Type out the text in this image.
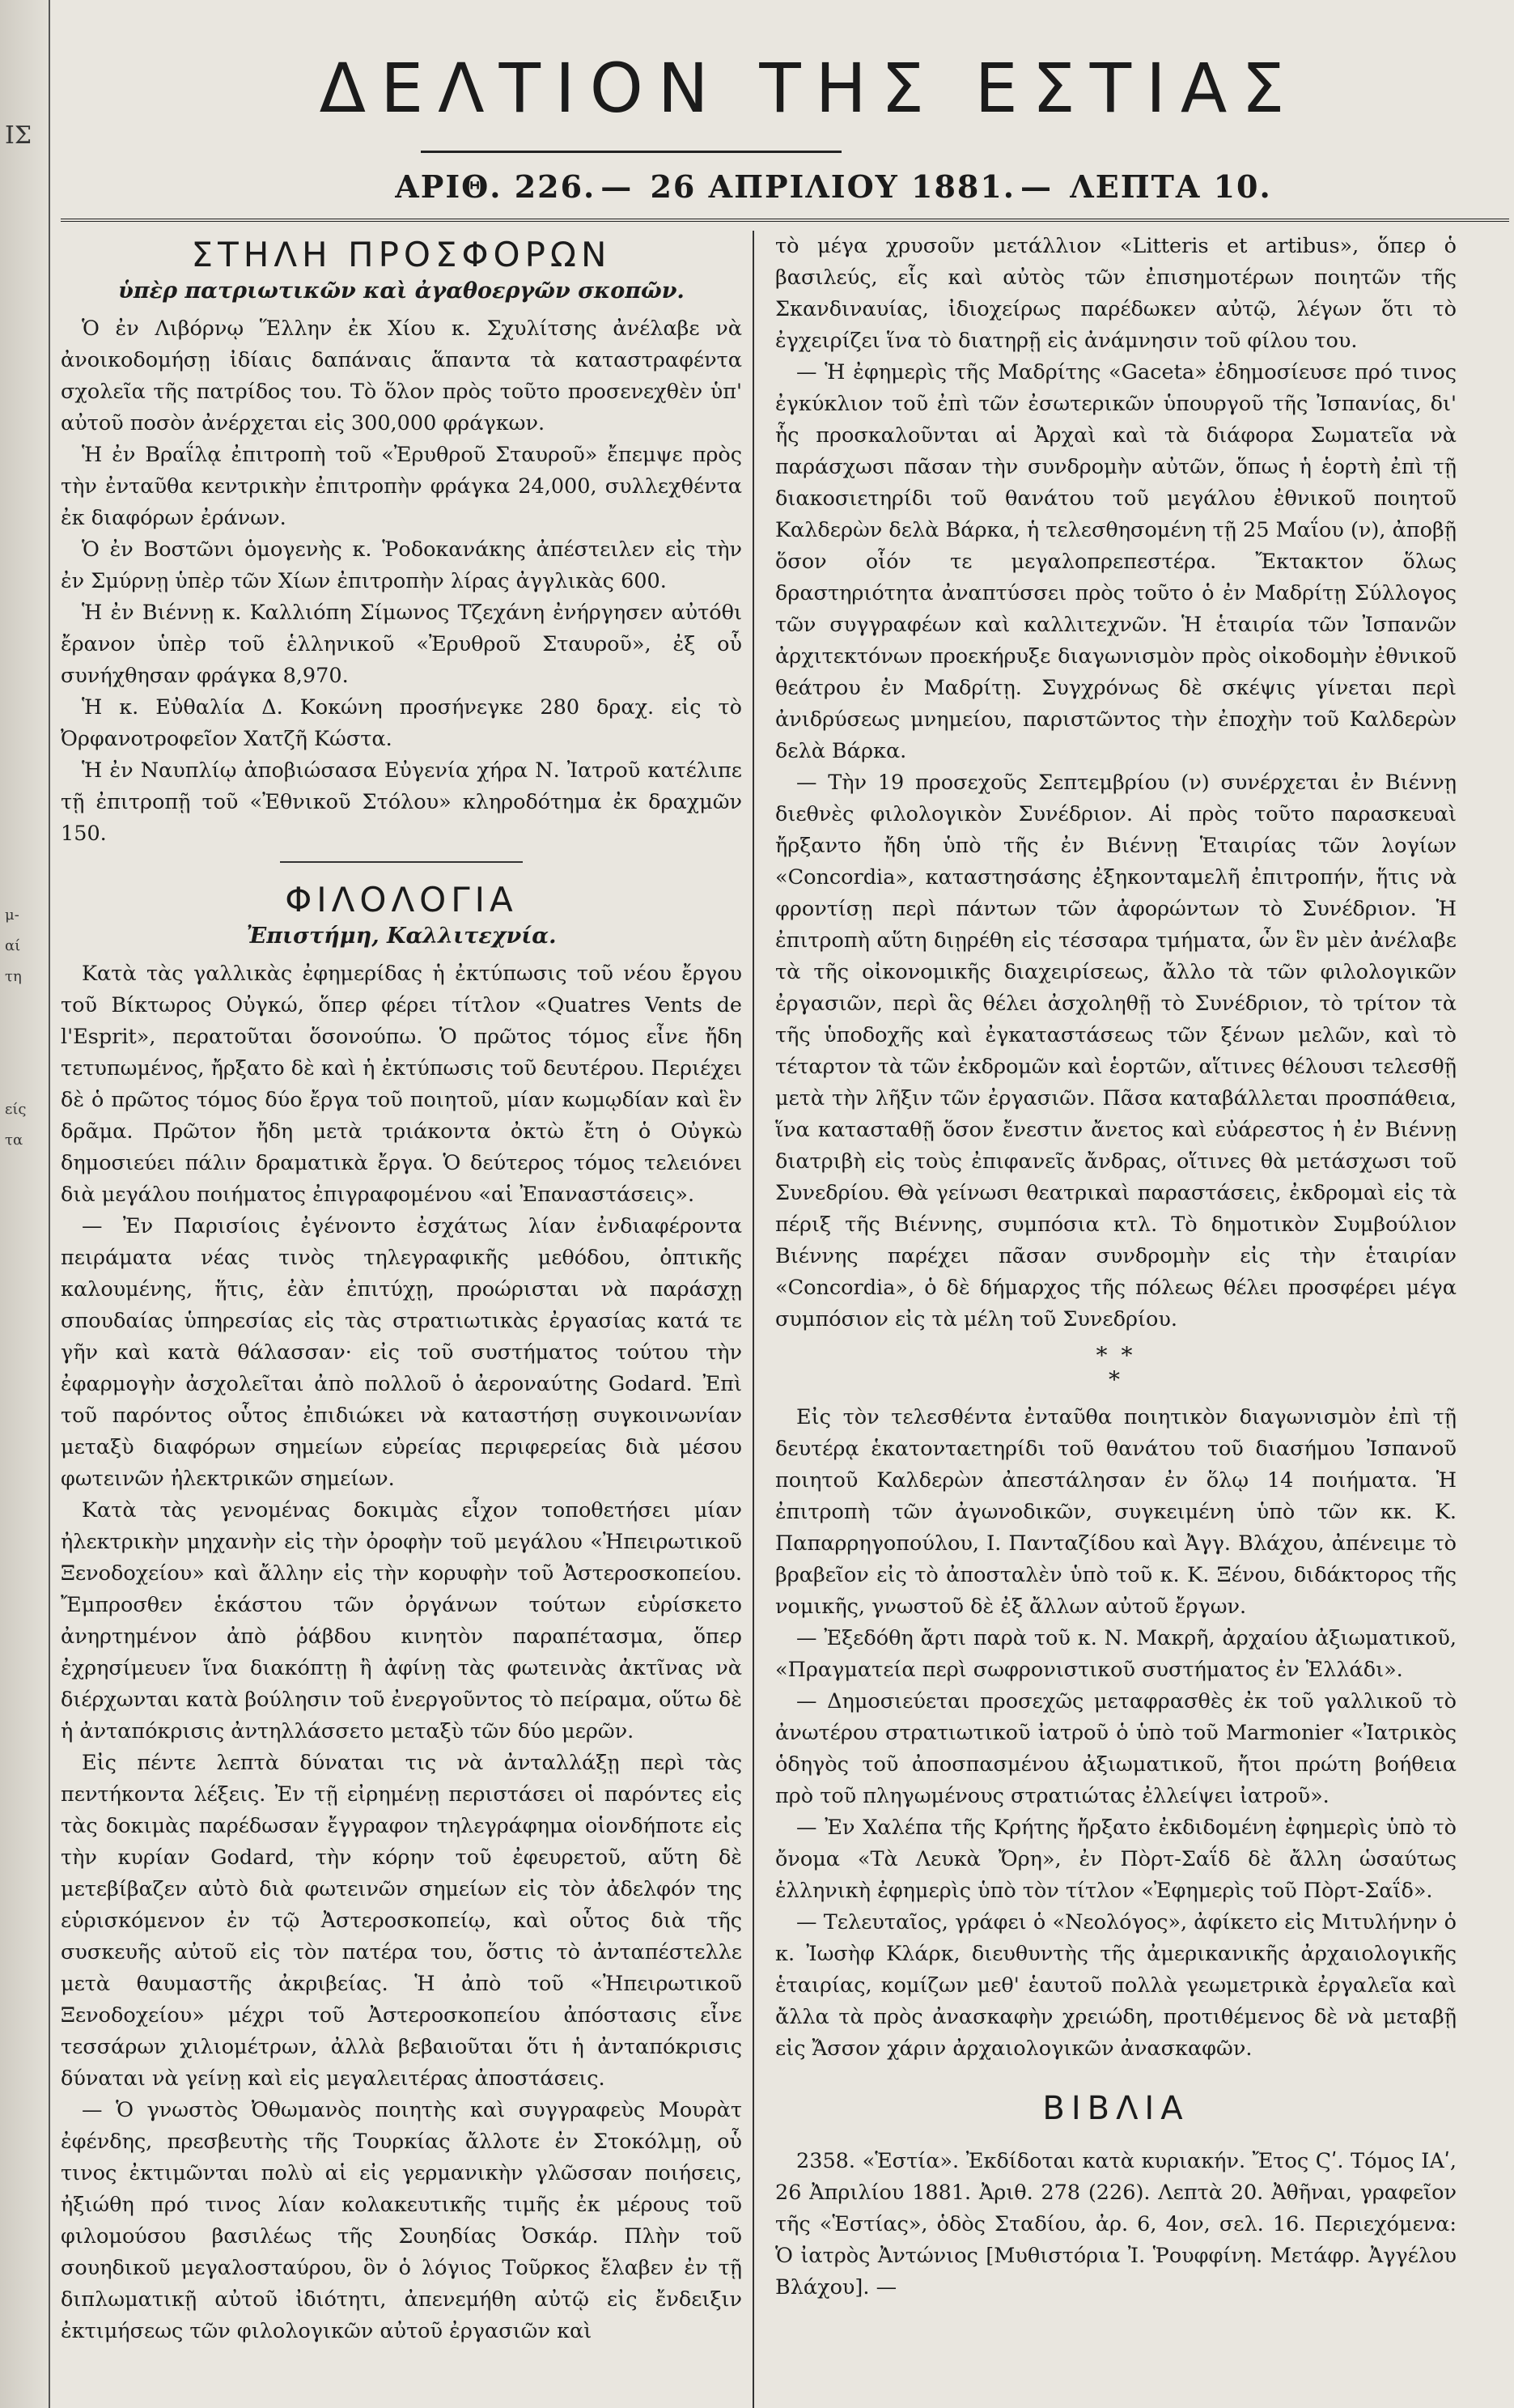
ΙΣ
μ-
αί
τη
είς
τα
ΔΕΛΤΙΟΝ ΤΗΣ ΕΣΤΙΑΣ
ΑΡΙΘ. 226. — 26 ΑΠΡΙΛΙΟΥ 1881. — ΛΕΠΤΑ 10.
ΣΤΗΛΗ ΠΡΟΣΦΟΡΩΝ
ὑπὲρ πατριωτικῶν καὶ ἀγαθοεργῶν σκοπῶν.

Ὁ ἐν Λιβόρνῳ Ἕλλην ἐκ Χίου κ. Σχυλίτσης ἀνέλαβε νὰ ἀνοικοδομήσῃ ἰδίαις δαπάναις ἅπαντα τὰ καταστραφέντα σχολεῖα τῆς πατρίδος του. Τὸ ὅλον πρὸς τοῦτο προσενεχθὲν ὑπ' αὐτοῦ ποσὸν ἀνέρχεται εἰς 300,000 φράγκων.

Ἡ ἐν Βραΐλᾳ ἐπιτροπὴ τοῦ «Ἐρυθροῦ Σταυροῦ» ἔπεμψε πρὸς τὴν ἐνταῦθα κεντρικὴν ἐπιτροπὴν φράγκα 24,000, συλλεχθέντα ἐκ διαφόρων ἐράνων.

Ὁ ἐν Βοστῶνι ὁμογενὴς κ. Ῥοδοκανάκης ἀπέστειλεν εἰς τὴν ἐν Σμύρνῃ ὑπὲρ τῶν Χίων ἐπιτροπὴν λίρας ἀγγλικὰς 600.

Ἡ ἐν Βιέννῃ κ. Καλλιόπη Σίμωνος Τζεχάνη ἐνήργησεν αὐτόθι ἔρανον ὑπὲρ τοῦ ἑλληνικοῦ «Ἐρυθροῦ Σταυροῦ», ἐξ οὗ συνήχθησαν φράγκα 8,970.

Ἡ κ. Εὐθαλία Δ. Κοκώνη προσήνεγκε 280 δραχ. εἰς τὸ Ὀρφανοτροφεῖον Χατζῆ Κώστα.

Ἡ ἐν Ναυπλίῳ ἀποβιώσασα Εὐγενία χήρα Ν. Ἰατροῦ κατέλιπε τῇ ἐπιτροπῇ τοῦ «Ἐθνικοῦ Στόλου» κληροδότημα ἐκ δραχμῶν 150.

ΦΙΛΟΛΟΓΙΑ
Ἐπιστήμη, Καλλιτεχνία.

Κατὰ τὰς γαλλικὰς ἐφημερίδας ἡ ἐκτύπωσις τοῦ νέου ἔργου τοῦ Βίκτωρος Οὐγκώ, ὅπερ φέρει τίτλον «Quatres Vents de l'Esprit», περατοῦται ὅσονούπω. Ὁ πρῶτος τόμος εἶνε ἤδη τετυπωμένος, ἤρξατο δὲ καὶ ἡ ἐκτύπωσις τοῦ δευτέρου. Περιέχει δὲ ὁ πρῶτος τόμος δύο ἔργα τοῦ ποιητοῦ, μίαν κωμῳδίαν καὶ ἓν δρᾶμα. Πρῶτον ἤδη μετὰ τριάκοντα ὀκτὼ ἔτη ὁ Οὐγκὼ δημοσιεύει πάλιν δραματικὰ ἔργα. Ὁ δεύτερος τόμος τελειόνει διὰ μεγάλου ποιήματος ἐπιγραφομένου «αἱ Ἐπαναστάσεις».

— Ἐν Παρισίοις ἐγένοντο ἐσχάτως λίαν ἐνδιαφέροντα πειράματα νέας τινὸς τηλεγραφικῆς μεθόδου, ὀπτικῆς καλουμένης, ἥτις, ἐὰν ἐπιτύχῃ, προώρισται νὰ παράσχῃ σπουδαίας ὑπηρεσίας εἰς τὰς στρατιωτικὰς ἐργασίας κατά τε γῆν καὶ κατὰ θάλασσαν· εἰς τοῦ συστήματος τούτου τὴν ἐφαρμογὴν ἀσχολεῖται ἀπὸ πολλοῦ ὁ ἀεροναύτης Godard. Ἐπὶ τοῦ παρόντος οὗτος ἐπιδιώκει νὰ καταστήσῃ συγκοινωνίαν μεταξὺ διαφόρων σημείων εὐρείας περιφερείας διὰ μέσου φωτεινῶν ἠλεκτρικῶν σημείων.

Κατὰ τὰς γενομένας δοκιμὰς εἶχον τοποθετήσει μίαν ἠλεκτρικὴν μηχανὴν εἰς τὴν ὀροφὴν τοῦ μεγάλου «Ἠπειρωτικοῦ Ξενοδοχείου» καὶ ἄλλην εἰς τὴν κορυφὴν τοῦ Ἀστεροσκοπείου. Ἔμπροσθεν ἑκάστου τῶν ὀργάνων τούτων εὑρίσκετο ἀνηρτημένον ἀπὸ ῥάβδου κινητὸν παραπέτασμα, ὅπερ ἐχρησίμευεν ἵνα διακόπτῃ ἢ ἀφίνῃ τὰς φωτεινὰς ἀκτῖνας νὰ διέρχωνται κατὰ βούλησιν τοῦ ἐνεργοῦντος τὸ πείραμα, οὕτω δὲ ἡ ἀνταπόκρισις ἀντηλλάσσετο μεταξὺ τῶν δύο μερῶν.

Εἰς πέντε λεπτὰ δύναται τις νὰ ἀνταλλάξῃ περὶ τὰς πεντήκοντα λέξεις. Ἐν τῇ εἰρημένῃ περιστάσει οἱ παρόντες εἰς τὰς δοκιμὰς παρέδωσαν ἔγγραφον τηλεγράφημα οἱονδήποτε εἰς τὴν κυρίαν Godard, τὴν κόρην τοῦ ἐφευρετοῦ, αὕτη δὲ μετεβίβαζεν αὐτὸ διὰ φωτεινῶν σημείων εἰς τὸν ἀδελφόν της εὑρισκόμενον ἐν τῷ Ἀστεροσκοπείῳ, καὶ οὗτος διὰ τῆς συσκευῆς αὐτοῦ εἰς τὸν πατέρα του, ὅστις τὸ ἀνταπέστελλε μετὰ θαυμαστῆς ἀκριβείας. Ἡ ἀπὸ τοῦ «Ἠπειρωτικοῦ Ξενοδοχείου» μέχρι τοῦ Ἀστεροσκοπείου ἀπόστασις εἶνε τεσσάρων χιλιομέτρων, ἀλλὰ βεβαιοῦται ὅτι ἡ ἀνταπόκρισις δύναται νὰ γείνῃ καὶ εἰς μεγαλειτέρας ἀποστάσεις.

— Ὁ γνωστὸς Ὀθωμανὸς ποιητὴς καὶ συγγραφεὺς Μουρὰτ ἐφένδης, πρεσβευτὴς τῆς Τουρκίας ἄλλοτε ἐν Στοκόλμῃ, οὗ τινος ἐκτιμῶνται πολὺ αἱ εἰς γερμανικὴν γλῶσσαν ποιήσεις, ἠξιώθη πρό τινος λίαν κολακευτικῆς τιμῆς ἐκ μέρους τοῦ φιλομούσου βασιλέως τῆς Σουηδίας Ὀσκάρ. Πλὴν τοῦ σουηδικοῦ μεγαλοσταύρου, ὃν ὁ λόγιος Τοῦρκος ἔλαβεν ἐν τῇ διπλωματικῇ αὐτοῦ ἰδιότητι, ἀπενεμήθη αὐτῷ εἰς ἔνδειξιν ἐκτιμήσεως τῶν φιλολογικῶν αὐτοῦ ἐργασιῶν καὶ

τὸ μέγα χρυσοῦν μετάλλιον «Litteris et artibus», ὅπερ ὁ βασιλεύς, εἷς καὶ αὐτὸς τῶν ἐπισημοτέρων ποιητῶν τῆς Σκανδιναυίας, ἰδιοχείρως παρέδωκεν αὐτῷ, λέγων ὅτι τὸ ἐγχειρίζει ἵνα τὸ διατηρῇ εἰς ἀνάμνησιν τοῦ φίλου του.

— Ἡ ἐφημερὶς τῆς Μαδρίτης «Gaceta» ἐδημοσίευσε πρό τινος ἐγκύκλιον τοῦ ἐπὶ τῶν ἐσωτερικῶν ὑπουργοῦ τῆς Ἰσπανίας, δι' ἧς προσκαλοῦνται αἱ Ἀρχαὶ καὶ τὰ διάφορα Σωματεῖα νὰ παράσχωσι πᾶσαν τὴν συνδρομὴν αὐτῶν, ὅπως ἡ ἑορτὴ ἐπὶ τῇ διακοσιετηρίδι τοῦ θανάτου τοῦ μεγάλου ἐθνικοῦ ποιητοῦ Καλδερὼν δελὰ Βάρκα, ἡ τελεσθησομένη τῇ 25 Μαΐου (ν), ἀποβῇ ὅσον οἷόν τε μεγαλοπρεπεστέρα. Ἔκτακτον ὅλως δραστηριότητα ἀναπτύσσει πρὸς τοῦτο ὁ ἐν Μαδρίτῃ Σύλλογος τῶν συγγραφέων καὶ καλλιτεχνῶν. Ἡ ἑταιρία τῶν Ἰσπανῶν ἀρχιτεκτόνων προεκήρυξε διαγωνισμὸν πρὸς οἰκοδομὴν ἐθνικοῦ θεάτρου ἐν Μαδρίτῃ. Συγχρόνως δὲ σκέψις γίνεται περὶ ἀνιδρύσεως μνημείου, παριστῶντος τὴν ἐποχὴν τοῦ Καλδερὼν δελὰ Βάρκα.

— Τὴν 19 προσεχοῦς Σεπτεμβρίου (ν) συνέρχεται ἐν Βιέννῃ διεθνὲς φιλολογικὸν Συνέδριον. Αἱ πρὸς τοῦτο παρασκευαὶ ἤρξαντο ἤδη ὑπὸ τῆς ἐν Βιέννῃ Ἑταιρίας τῶν λογίων «Concordia», καταστησάσης ἐξηκονταμελῆ ἐπιτροπήν, ἥτις νὰ φροντίσῃ περὶ πάντων τῶν ἀφορώντων τὸ Συνέδριον. Ἡ ἐπιτροπὴ αὕτη διῃρέθη εἰς τέσσαρα τμήματα, ὧν ἓν μὲν ἀνέλαβε τὰ τῆς οἰκονομικῆς διαχειρίσεως, ἄλλο τὰ τῶν φιλολογικῶν ἐργασιῶν, περὶ ἃς θέλει ἀσχοληθῇ τὸ Συνέδριον, τὸ τρίτον τὰ τῆς ὑποδοχῆς καὶ ἐγκαταστάσεως τῶν ξένων μελῶν, καὶ τὸ τέταρτον τὰ τῶν ἐκδρομῶν καὶ ἑορτῶν, αἵτινες θέλουσι τελεσθῇ μετὰ τὴν λῆξιν τῶν ἐργασιῶν. Πᾶσα καταβάλλεται προσπάθεια, ἵνα κατασταθῇ ὅσον ἔνεστιν ἄνετος καὶ εὐάρεστος ἡ ἐν Βιέννῃ διατριβὴ εἰς τοὺς ἐπιφανεῖς ἄνδρας, οἵτινες θὰ μετάσχωσι τοῦ Συνεδρίου. Θὰ γείνωσι θεατρικαὶ παραστάσεις, ἐκδρομαὶ εἰς τὰ πέριξ τῆς Βιέννης, συμπόσια κτλ. Τὸ δημοτικὸν Συμβούλιον Βιέννης παρέχει πᾶσαν συνδρομὴν εἰς τὴν ἑταιρίαν «Concordia», ὁ δὲ δήμαρχος τῆς πόλεως θέλει προσφέρει μέγα συμπόσιον εἰς τὰ μέλη τοῦ Συνεδρίου.

* *
*

Εἰς τὸν τελεσθέντα ἐνταῦθα ποιητικὸν διαγωνισμὸν ἐπὶ τῇ δευτέρᾳ ἑκατονταετηρίδι τοῦ θανάτου τοῦ διασήμου Ἰσπανοῦ ποιητοῦ Καλδερὼν ἀπεστάλησαν ἐν ὅλῳ 14 ποιήματα. Ἡ ἐπιτροπὴ τῶν ἀγωνοδικῶν, συγκειμένη ὑπὸ τῶν κκ. Κ. Παπαρρηγοπούλου, Ι. Πανταζίδου καὶ Ἀγγ. Βλάχου, ἀπένειμε τὸ βραβεῖον εἰς τὸ ἀποσταλὲν ὑπὸ τοῦ κ. Κ. Ξένου, διδάκτορος τῆς νομικῆς, γνωστοῦ δὲ ἐξ ἄλλων αὐτοῦ ἔργων.

— Ἐξεδόθη ἄρτι παρὰ τοῦ κ. Ν. Μακρῆ, ἀρχαίου ἀξιωματικοῦ, «Πραγματεία περὶ σωφρονιστικοῦ συστήματος ἐν Ἑλλάδι».

— Δημοσιεύεται προσεχῶς μεταφρασθὲς ἐκ τοῦ γαλλικοῦ τὸ ἀνωτέρου στρατιωτικοῦ ἰατροῦ ὁ ὑπὸ τοῦ Marmonier «Ἰατρικὸς ὁδηγὸς τοῦ ἀποσπασμένου ἀξιωματικοῦ, ἤτοι πρώτη βοήθεια πρὸ τοῦ πληγωμένους στρατιώτας ἐλλείψει ἰατροῦ».

— Ἐν Χαλέπα τῆς Κρήτης ἤρξατο ἐκδιδομένη ἐφημερὶς ὑπὸ τὸ ὄνομα «Τὰ Λευκὰ Ὄρη», ἐν Πὸρτ-Σαΐδ δὲ ἄλλη ὡσαύτως ἑλληνικὴ ἐφημερὶς ὑπὸ τὸν τίτλον «Ἐφημερὶς τοῦ Πὸρτ-Σαΐδ».

— Τελευταῖος, γράφει ὁ «Νεολόγος», ἀφίκετο εἰς Μιτυλήνην ὁ κ. Ἰωσὴφ Κλάρκ, διευθυντὴς τῆς ἀμερικανικῆς ἀρχαιολογικῆς ἑταιρίας, κομίζων μεθ' ἑαυτοῦ πολλὰ γεωμετρικὰ ἐργαλεῖα καὶ ἄλλα τὰ πρὸς ἀνασκαφὴν χρειώδη, προτιθέμενος δὲ νὰ μεταβῇ εἰς Ἄσσον χάριν ἀρχαιολογικῶν ἀνασκαφῶν.

ΒΙΒΛΙΑ

2358. «Ἑστία». Ἐκδίδοται κατὰ κυριακήν. Ἔτος Ϛʹ. Τόμος ΙΑʹ, 26 Ἀπριλίου 1881. Ἀριθ. 278 (226). Λεπτὰ 20. Ἀθῆναι, γραφεῖον τῆς «Ἑστίας», ὁδὸς Σταδίου, ἀρ. 6, 4ον, σελ. 16. Περιεχόμενα: Ὁ ἰατρὸς Ἀντώνιος [Μυθιστόρια Ἰ. Ῥουφφίνη. Μετάφρ. Ἀγγέλου Βλάχου]. —
